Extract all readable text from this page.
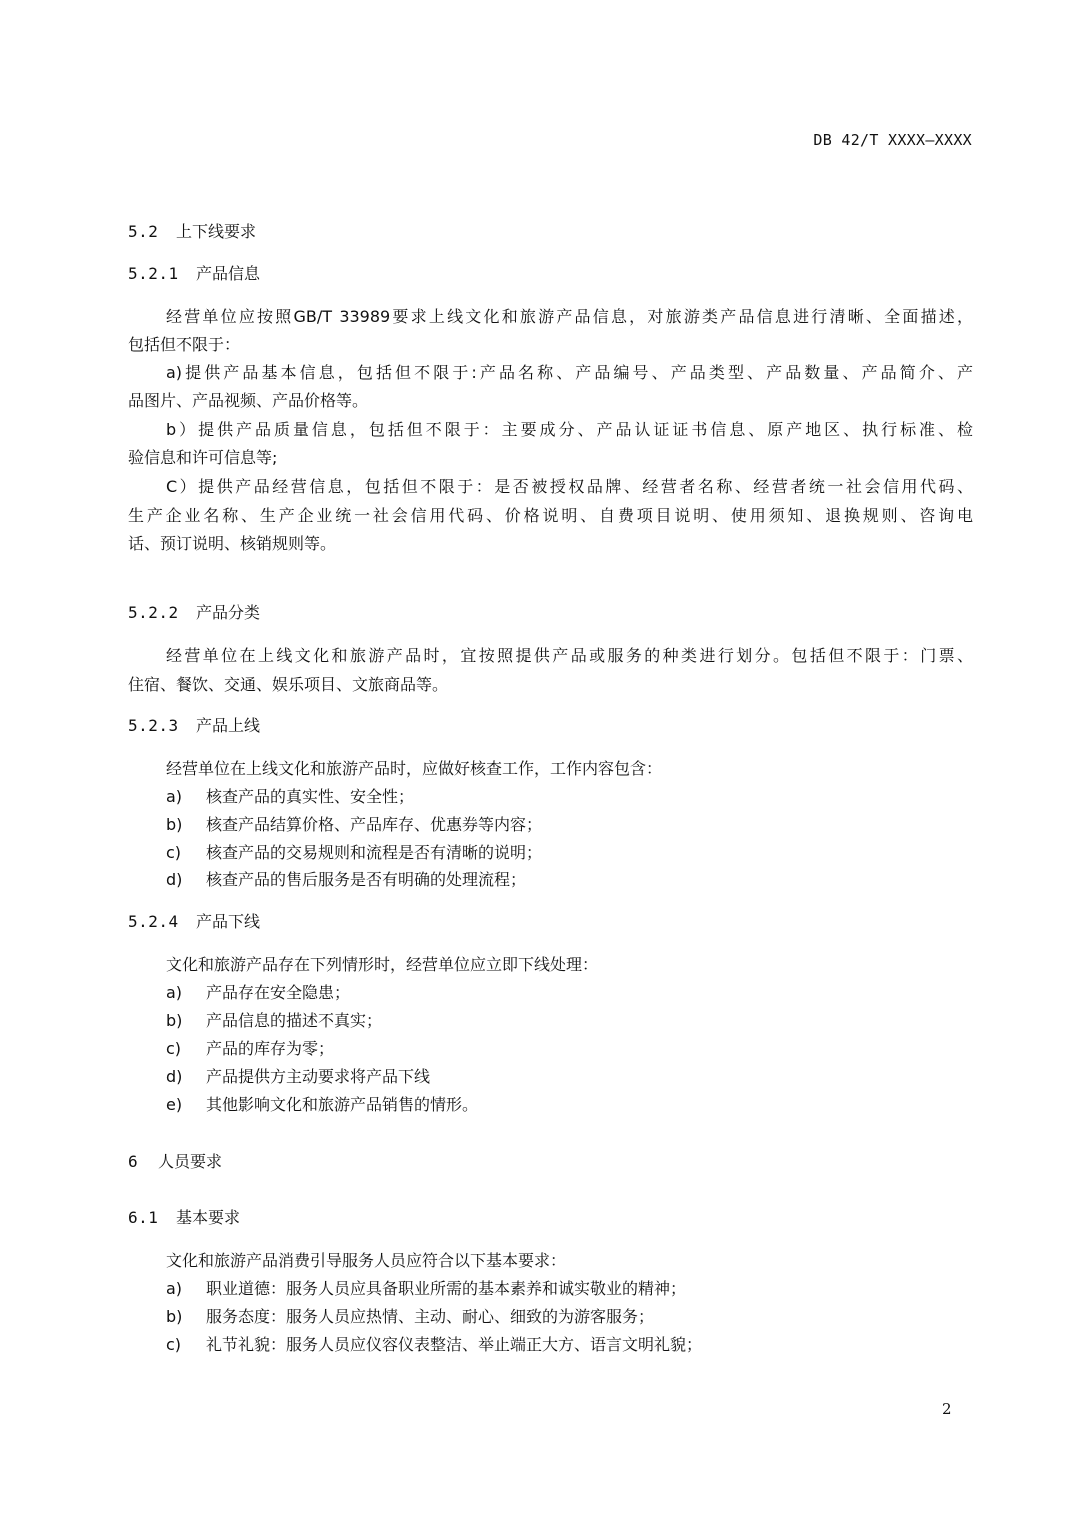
DB 42/T XXXX—XXXX
5.2 上下线要求
5.2.1 产品信息
经营单位应按照GB/T 33989要求上线文化和旅游产品信息，对旅游类产品信息进行清晰、全面描述，
包括但不限于：
a)提供产品基本信息，包括但不限于:产品名称、产品编号、产品类型、产品数量、产品简介、产
品图片、产品视频、产品价格等。
b）提供产品质量信息，包括但不限于：主要成分、产品认证证书信息、原产地区、执行标准、检
验信息和许可信息等;
C）提供产品经营信息，包括但不限于：是否被授权品牌、经营者名称、经营者统一社会信用代码、
生产企业名称、生产企业统一社会信用代码、价格说明、自费项目说明、使用须知、退换规则、咨询电
话、预订说明、核销规则等。
5.2.2 产品分类
经营单位在上线文化和旅游产品时，宜按照提供产品或服务的种类进行划分。包括但不限于：门票、
住宿、餐饮、交通、娱乐项目、文旅商品等。
5.2.3 产品上线
经营单位在上线文化和旅游产品时，应做好核查工作，工作内容包含：
a) 核查产品的真实性、安全性；
b) 核查产品结算价格、产品库存、优惠券等内容；
c) 核查产品的交易规则和流程是否有清晰的说明；
d) 核查产品的售后服务是否有明确的处理流程；
5.2.4 产品下线
文化和旅游产品存在下列情形时，经营单位应立即下线处理：
a) 产品存在安全隐患；
b) 产品信息的描述不真实；
c) 产品的库存为零；
d) 产品提供方主动要求将产品下线
e) 其他影响文化和旅游产品销售的情形。
6 人员要求
6.1 基本要求
文化和旅游产品消费引导服务人员应符合以下基本要求：
a) 职业道德：服务人员应具备职业所需的基本素养和诚实敬业的精神；
b) 服务态度：服务人员应热情、主动、耐心、细致的为游客服务；
c) 礼节礼貌：服务人员应仪容仪表整洁、举止端正大方、语言文明礼貌；
2
